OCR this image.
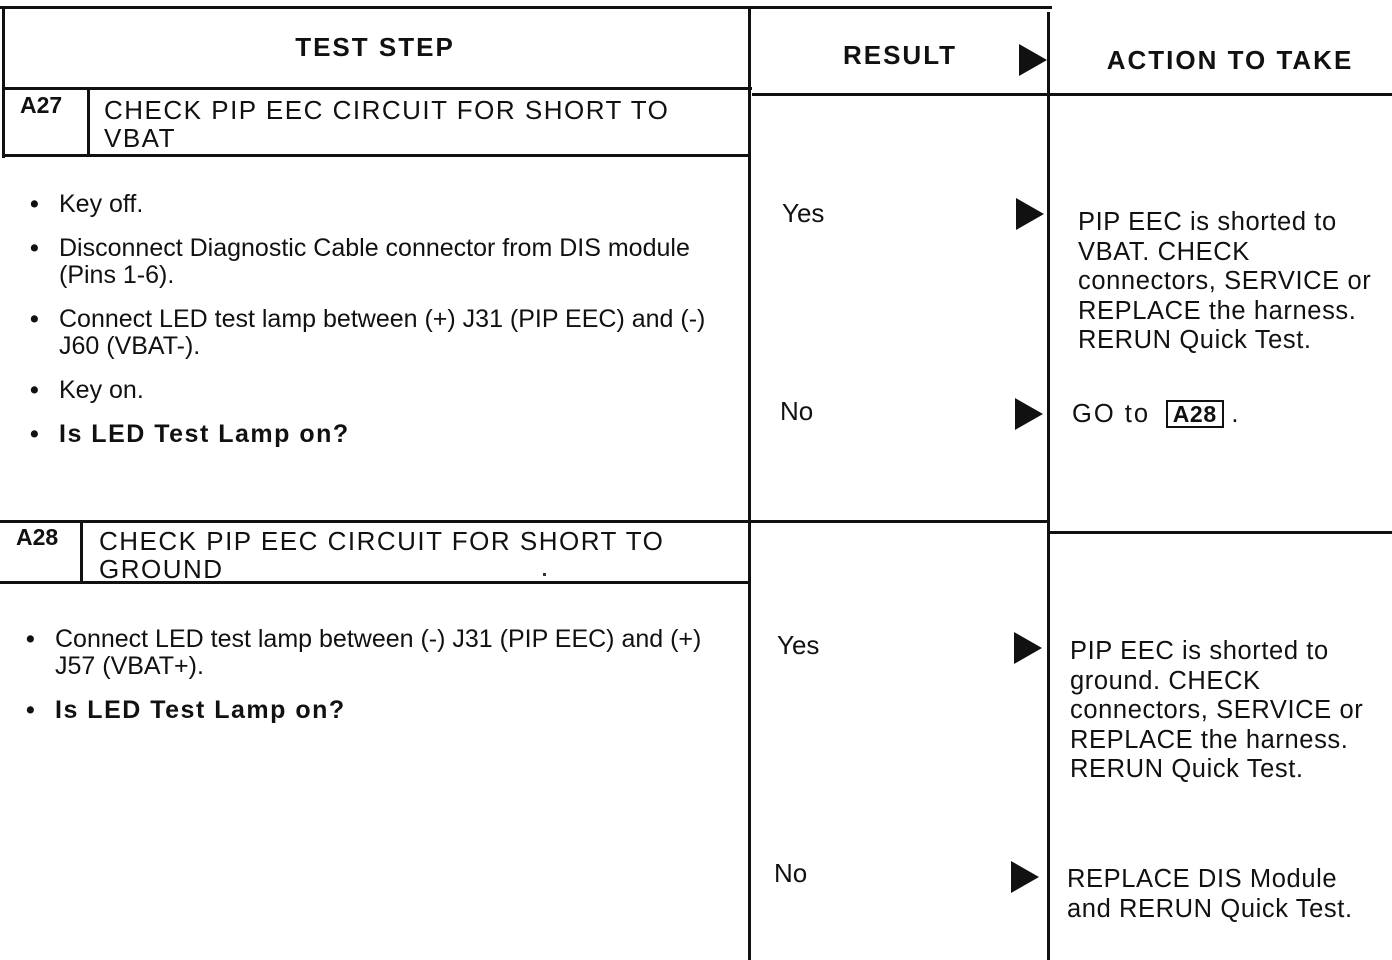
TEST STEP	RESULT	ACTION TO TAKE
A27 CHECK PIP EEC CIRCUIT FOR SHORT TO VBAT
• Key off.
• Disconnect Diagnostic Cable connector from DIS module (Pins 1-6).
• Connect LED test lamp between (+) J31 (PIP EEC) and (-) J60 (VBAT-).
• Key on.
• Is LED Test Lamp on?
Yes	PIP EEC is shorted to VBAT. CHECK connectors, SERVICE or REPLACE the harness. RERUN Quick Test.
No	GO to A28 .
A28 CHECK PIP EEC CIRCUIT FOR SHORT TO GROUND
• Connect LED test lamp between (-) J31 (PIP EEC) and (+) J57 (VBAT+).
• Is LED Test Lamp on?
Yes	PIP EEC is shorted to ground. CHECK connectors, SERVICE or REPLACE the harness. RERUN Quick Test.
No	REPLACE DIS Module and RERUN Quick Test.
